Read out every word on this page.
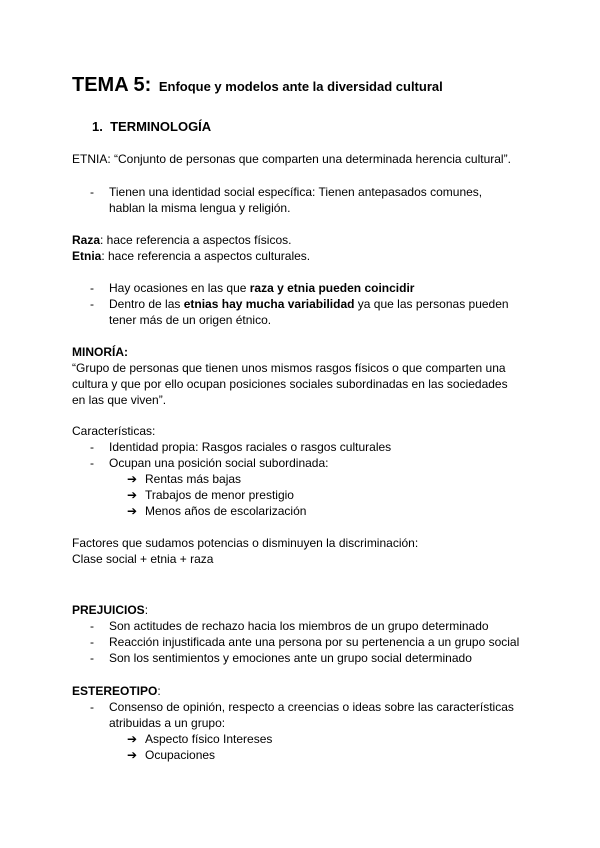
TEMA 5: Enfoque y modelos ante la diversidad cultural
1. TERMINOLOGÍA
ETNIA: “Conjunto de personas que comparten una determinada herencia cultural”.
-	Tienen una identidad social específica: Tienen antepasados comunes,
hablan la misma lengua y religión.
Raza: hace referencia a aspectos físicos.
Etnia: hace referencia a aspectos culturales.
-	Hay ocasiones en las que raza y etnia pueden coincidir
-	Dentro de las etnias hay mucha variabilidad ya que las personas pueden
tener más de un origen étnico.
MINORÍA:
“Grupo de personas que tienen unos mismos rasgos físicos o que comparten una
cultura y que por ello ocupan posiciones sociales subordinadas en las sociedades
en las que viven”.
Características:
-	Identidad propia: Rasgos raciales o rasgos culturales
-	Ocupan una posición social subordinada:
➔ Rentas más bajas
➔ Trabajos de menor prestigio
➔ Menos años de escolarización
Factores que sudamos potencias o disminuyen la discriminación:
Clase social + etnia + raza
PREJUICIOS:
-	Son actitudes de rechazo hacia los miembros de un grupo determinado
-	Reacción injustificada ante una persona por su pertenencia a un grupo social
-	Son los sentimientos y emociones ante un grupo social determinado
ESTEREOTIPO:
-	Consenso de opinión, respecto a creencias o ideas sobre las características
atribuidas a un grupo:
➔ Aspecto físico Intereses
➔ Ocupaciones
